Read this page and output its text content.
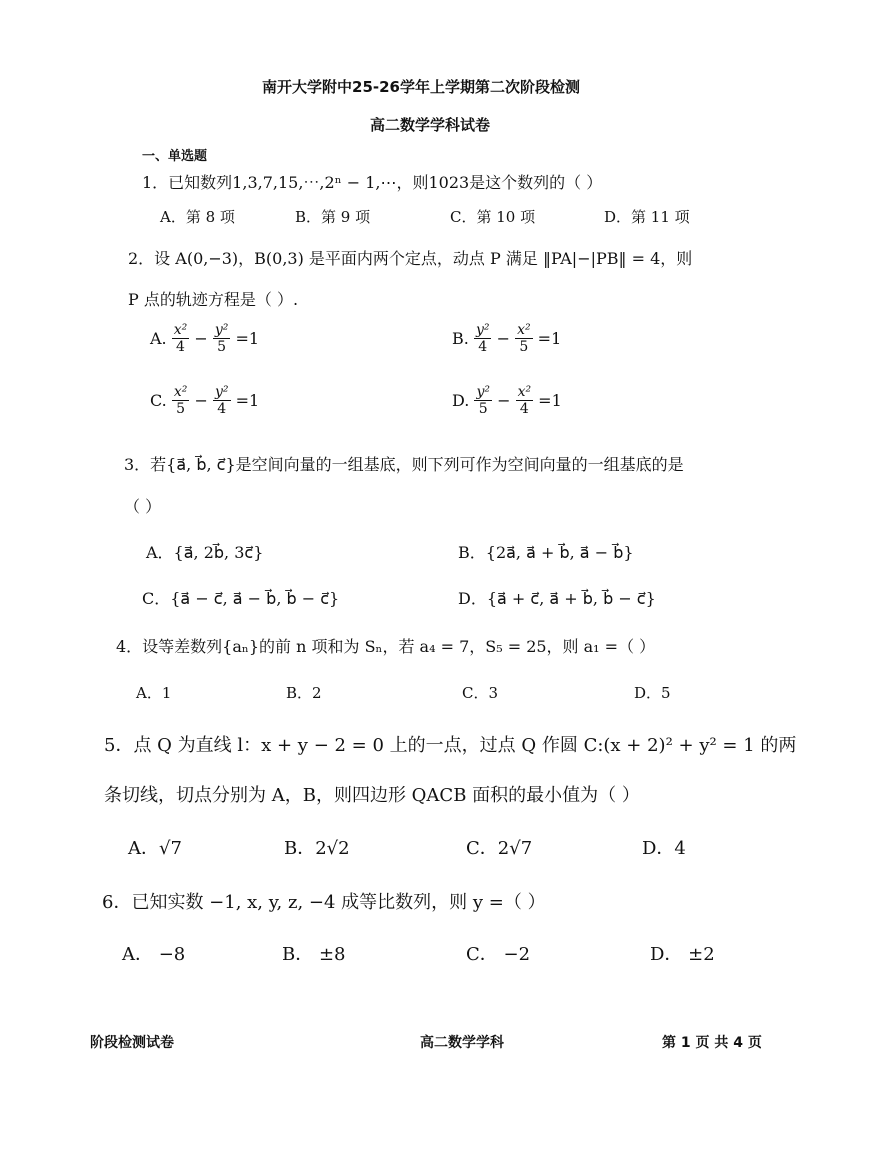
南开大学附中25-26学年上学期第二次阶段检测
高二数学学科试卷
一、单选题
1．已知数列1,3,7,15,⋯,2ⁿ − 1,⋯，则1023是这个数列的（ ）
A．第 8 项	B．第 9 项	C．第 10 项	D．第 11 项
2．设 A(0,−3)，B(0,3) 是平面内两个定点，动点 P 满足 ‖PA|−|PB‖ = 4，则
P 点的轨迹方程是（ ）.
A. $\frac{\text{x²}}{4} - \frac{\text{y²}}{5} =1$	B. $\frac{\text{y²}}{4} - \frac{\text{x²}}{5} =1$
C. $\frac{\text{x²}}{5} - \frac{\text{y²}}{4} =1$	D. $\frac{\text{y²}}{5} - \frac{\text{x²}}{4} =1$
3．若{a⃗, b⃗, c⃗}是空间向量的一组基底，则下列可作为空间向量的一组基底的是
（ ）
A．{a⃗, 2b⃗, 3c⃗}	B．{2a⃗, a⃗ + b⃗, a⃗ − b⃗}
C．{a⃗ − c⃗, a⃗ − b⃗, b⃗ − c⃗}	D．{a⃗ + c⃗, a⃗ + b⃗, b⃗ − c⃗}
4．设等差数列{aₙ}的前 n 项和为 Sₙ，若 a₄ = 7，S₅ = 25，则 a₁ =（ ）
A．1	B．2	C．3	D．5
5．点 Q 为直线 l：x + y − 2 = 0 上的一点，过点 Q 作圆 C:(x + 2)² + y² = 1 的两
条切线，切点分别为 A，B，则四边形 QACB 面积的最小值为（ ）
A．√7	B．2√2	C．2√7	D．4
6．已知实数 −1, x, y, z, −4 成等比数列，则 y =（ ）
A． −8	B． ±8	C． −2	D． ±2
阶段检测试卷	高二数学学科	第 1 页 共 4 页
